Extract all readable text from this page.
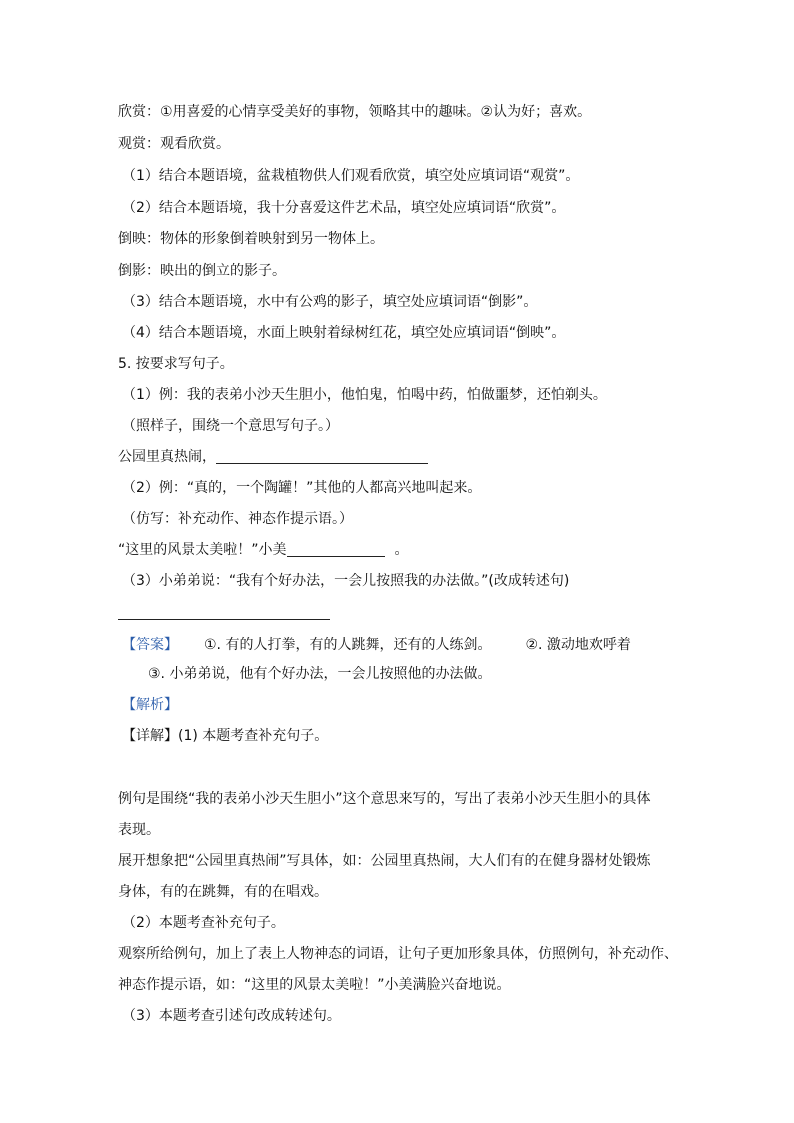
欣赏：①用喜爱的心情享受美好的事物，领略其中的趣味。②认为好；喜欢。
观赏：观看欣赏。
（1）结合本题语境，盆栽植物供人们观看欣赏，填空处应填词语“观赏”。
（2）结合本题语境，我十分喜爱这件艺术品，填空处应填词语“欣赏”。
倒映：物体的形象倒着映射到另一物体上。
倒影：映出的倒立的影子。
（3）结合本题语境，水中有公鸡的影子，填空处应填词语“倒影”。
（4）结合本题语境，水面上映射着绿树红花，填空处应填词语“倒映”。
5. 按要求写句子。
（1）例：我的表弟小沙天生胆小，他怕鬼，怕喝中药，怕做噩梦，还怕剃头。
（照样子，围绕一个意思写句子。）
公园里真热闹，
（2）例：“真的，一个陶罐！”其他的人都高兴地叫起来。
（仿写：补充动作、神态作提示语。）
“这里的风景太美啦！”小美	。
（3）小弟弟说：“我有个好办法，一会儿按照我的办法做。”(改成转述句)
【答案】 ①. 有的人打拳，有的人跳舞，还有的人练剑。 ②. 激动地欢呼着
③. 小弟弟说，他有个好办法，一会儿按照他的办法做。
【解析】
【详解】(1) 本题考查补充句子。
例句是围绕“我的表弟小沙天生胆小”这个意思来写的，写出了表弟小沙天生胆小的具体
表现。
展开想象把“公园里真热闹”写具体，如：公园里真热闹，大人们有的在健身器材处锻炼
身体，有的在跳舞，有的在唱戏。
（2）本题考查补充句子。
观察所给例句，加上了表上人物神态的词语，让句子更加形象具体，仿照例句，补充动作、
神态作提示语，如：“这里的风景太美啦！”小美满脸兴奋地说。
（3）本题考查引述句改成转述句。
